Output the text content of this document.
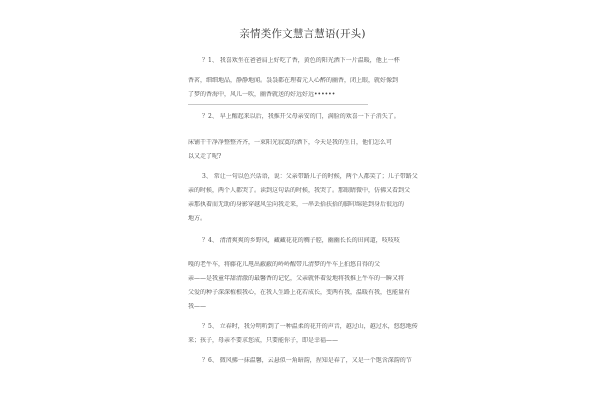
亲情类作文慧言慧语(开头)
？1、 我喜欢坐在爸爸肩上好吃了香，黄色的阳光洒下一片温暖，他上一杯
香茗，细细地品，静静地闻。袅袅都在理着元人心醉的幽香，闭上眼，就好像到
了梦的香海中，风儿一吹，幽香就送的好远好远••••••
？2、 早上醒起来以后，我推开父母亲安的门，满脸的欢喜一下子消失了。
床铺干干净净整整齐齐，一束阳光寂寞的洒下，今天是我的生日，他们怎么可
以又走了呢?
3、 常让一句以色兴话语，说：父亲带路儿子的时候，两个人都笑了；儿子带路父
亲的时候，两个人都哭了。读到这句话的时候，我哭了。那眼睛微中，仿佛又看到父
亲那执着而无助的身影穿越风尘向我走来，一串丢拾扶拾的脚印绵延到身后很远的
地方。
？4、 清清爽爽的乡野风，藏藏花花的稠子腔，幽幽长长的田间道，吱吱吱
嘎的老牛车，将藤花儿甩出蔽蔽的岭岭醒带儿清梦的牛车上拍悠自得的父
亲——是我童年甜清澈的最馨香的记忆，父亲就怀着爱地将我推上牛车的一瞬又将
父爱的种子深深植根我心，在我人生路上花若成长，变两有我，温暖有我，也能量有
我——
？5、 立春时，我分明听到了一种温柔的花开的声音，越过山，越过水，悠悠地传
来；孩子，母亲不要求您成，只要能你子，即是幸福——
？6、 微风拂一抹温馨，云悬似一角暗韵，捏知是春了，又是一个饱含深韵的节
